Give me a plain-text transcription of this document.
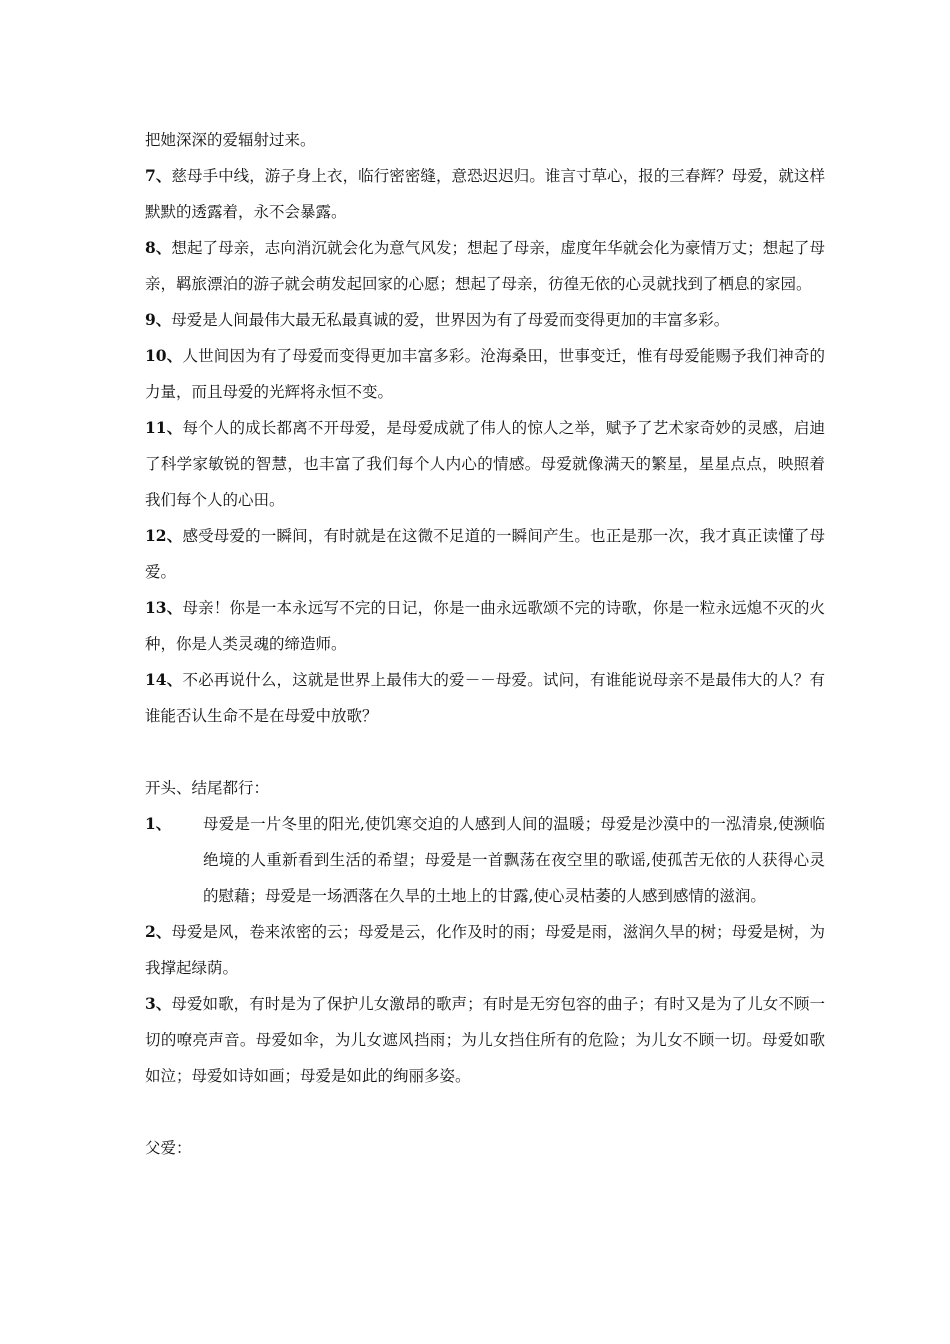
把她深深的爱辐射过来。

7、慈母手中线，游子身上衣，临行密密缝，意恐迟迟归。谁言寸草心，报的三春辉？母爱，就这样默默的透露着，永不会暴露。

8、想起了母亲，志向消沉就会化为意气风发；想起了母亲，虚度年华就会化为豪情万丈；想起了母亲，羁旅漂泊的游子就会萌发起回家的心愿；想起了母亲，彷徨无依的心灵就找到了栖息的家园。

9、母爱是人间最伟大最无私最真诚的爱，世界因为有了母爱而变得更加的丰富多彩。

10、人世间因为有了母爱而变得更加丰富多彩。沧海桑田，世事变迁，惟有母爱能赐予我们神奇的力量，而且母爱的光辉将永恒不变。

11、每个人的成长都离不开母爱，是母爱成就了伟人的惊人之举，赋予了艺术家奇妙的灵感，启迪了科学家敏锐的智慧，也丰富了我们每个人内心的情感。母爱就像满天的繁星，星星点点，映照着我们每个人的心田。

12、感受母爱的一瞬间，有时就是在这微不足道的一瞬间产生。也正是那一次，我才真正读懂了母爱。

13、母亲！你是一本永远写不完的日记，你是一曲永远歌颂不完的诗歌，你是一粒永远熄不灭的火种，你是人类灵魂的缔造师。

14、不必再说什么，这就是世界上最伟大的爱－－母爱。试问，有谁能说母亲不是最伟大的人？有谁能否认生命不是在母爱中放歌？

开头、结尾都行：

1、	母爱是一片冬里的阳光,使饥寒交迫的人感到人间的温暖；母爱是沙漠中的一泓清泉,使濒临绝境的人重新看到生活的希望；母爱是一首飘荡在夜空里的歌谣,使孤苦无依的人获得心灵的慰藉；母爱是一场洒落在久旱的土地上的甘露,使心灵枯萎的人感到感情的滋润。

2、母爱是风，卷来浓密的云；母爱是云，化作及时的雨；母爱是雨，滋润久旱的树；母爱是树，为我撑起绿荫。

3、母爱如歌，有时是为了保护儿女激昂的歌声；有时是无穷包容的曲子；有时又是为了儿女不顾一切的嘹亮声音。母爱如伞，为儿女遮风挡雨；为儿女挡住所有的危险；为儿女不顾一切。母爱如歌如泣；母爱如诗如画；母爱是如此的绚丽多姿。

父爱：
